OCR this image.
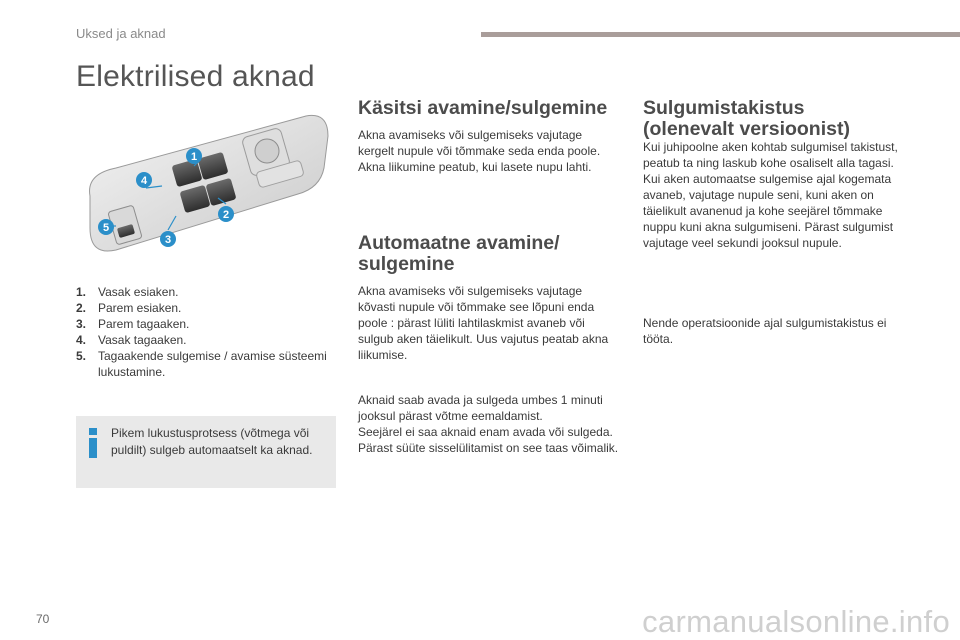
Uksed ja aknad
Elektrilised aknad
1
2
3
4
5
1. Vasak esiaken.
2. Parem esiaken.
3. Parem tagaaken.
4. Vasak tagaaken.
5. Tagaakende sulgemise / avamise süsteemi lukustamine.
Pikem lukustusprotsess (võtmega või puldilt) sulgeb automaatselt ka aknad.
Käsitsi avamine/sulgemine

Akna avamiseks või sulgemiseks vajutage kergelt nupule või tõmmake seda enda poole. Akna liikumine peatub, kui lasete nupu lahti.

Automaatne avamine/
sulgemine

Akna avamiseks või sulgemiseks vajutage kõvasti nupule või tõmmake see lõpuni enda poole : pärast lüliti lahtilaskmist avaneb või sulgub aken täielikult. Uus vajutus peatab akna liikumise.

Aknaid saab avada ja sulgeda umbes 1 minuti jooksul pärast võtme eemaldamist.

Seejärel ei saa aknaid enam avada või sulgeda. Pärast süüte sisselülitamist on see taas võimalik.

Sulgumistakistus
(olenevalt versioonist)

Kui juhipoolne aken kohtab sulgumisel takistust, peatub ta ning laskub kohe osaliselt alla tagasi.

Kui aken automaatse sulgemise ajal kogemata avaneb, vajutage nupule seni, kuni aken on täielikult avanenud ja kohe seejärel tõmmake nuppu kuni akna sulgumiseni. Pärast sulgumist vajutage veel sekundi jooksul nupule.

Nende operatsioonide ajal sulgumistakistus ei tööta.

70	carmanualsonline.info
